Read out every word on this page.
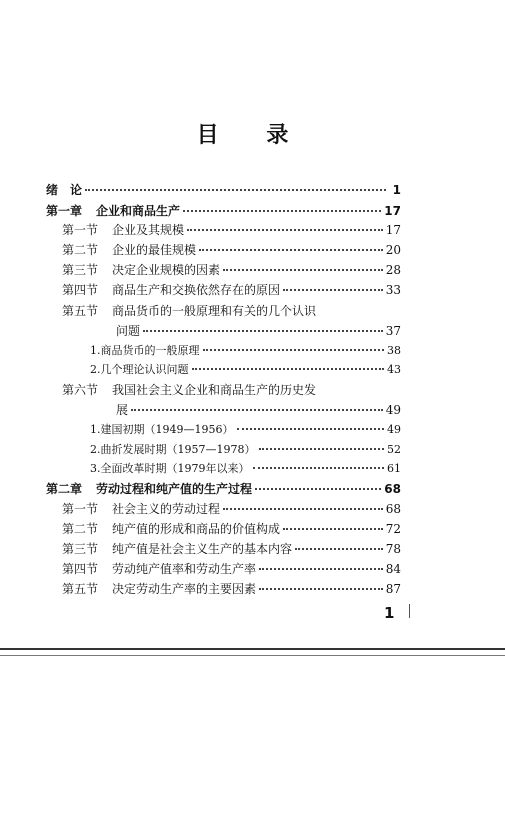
目 录
绪　论	1
第一章 企业和商品生产	17
第一节 企业及其规模	17
第二节 企业的最佳规模	20
第三节 决定企业规模的因素	28
第四节 商品生产和交换依然存在的原因	33
第五节 商品货币的一般原理和有关的几个认识
问题	37
1. 商品货币的一般原理	38
2. 几个理论认识问题	43
第六节 我国社会主义企业和商品生产的历史发
展	49
1. 建国初期（1949—1956）	49
2. 曲折发展时期（1957—1978）	52
3. 全面改革时期（1979年以来）	61
第二章 劳动过程和纯产值的生产过程	68
第一节 社会主义的劳动过程	68
第二节 纯产值的形成和商品的价值构成	72
第三节 纯产值是社会主义生产的基本内容	78
第四节 劳动纯产值率和劳动生产率	84
第五节 决定劳动生产率的主要因素	87
1
